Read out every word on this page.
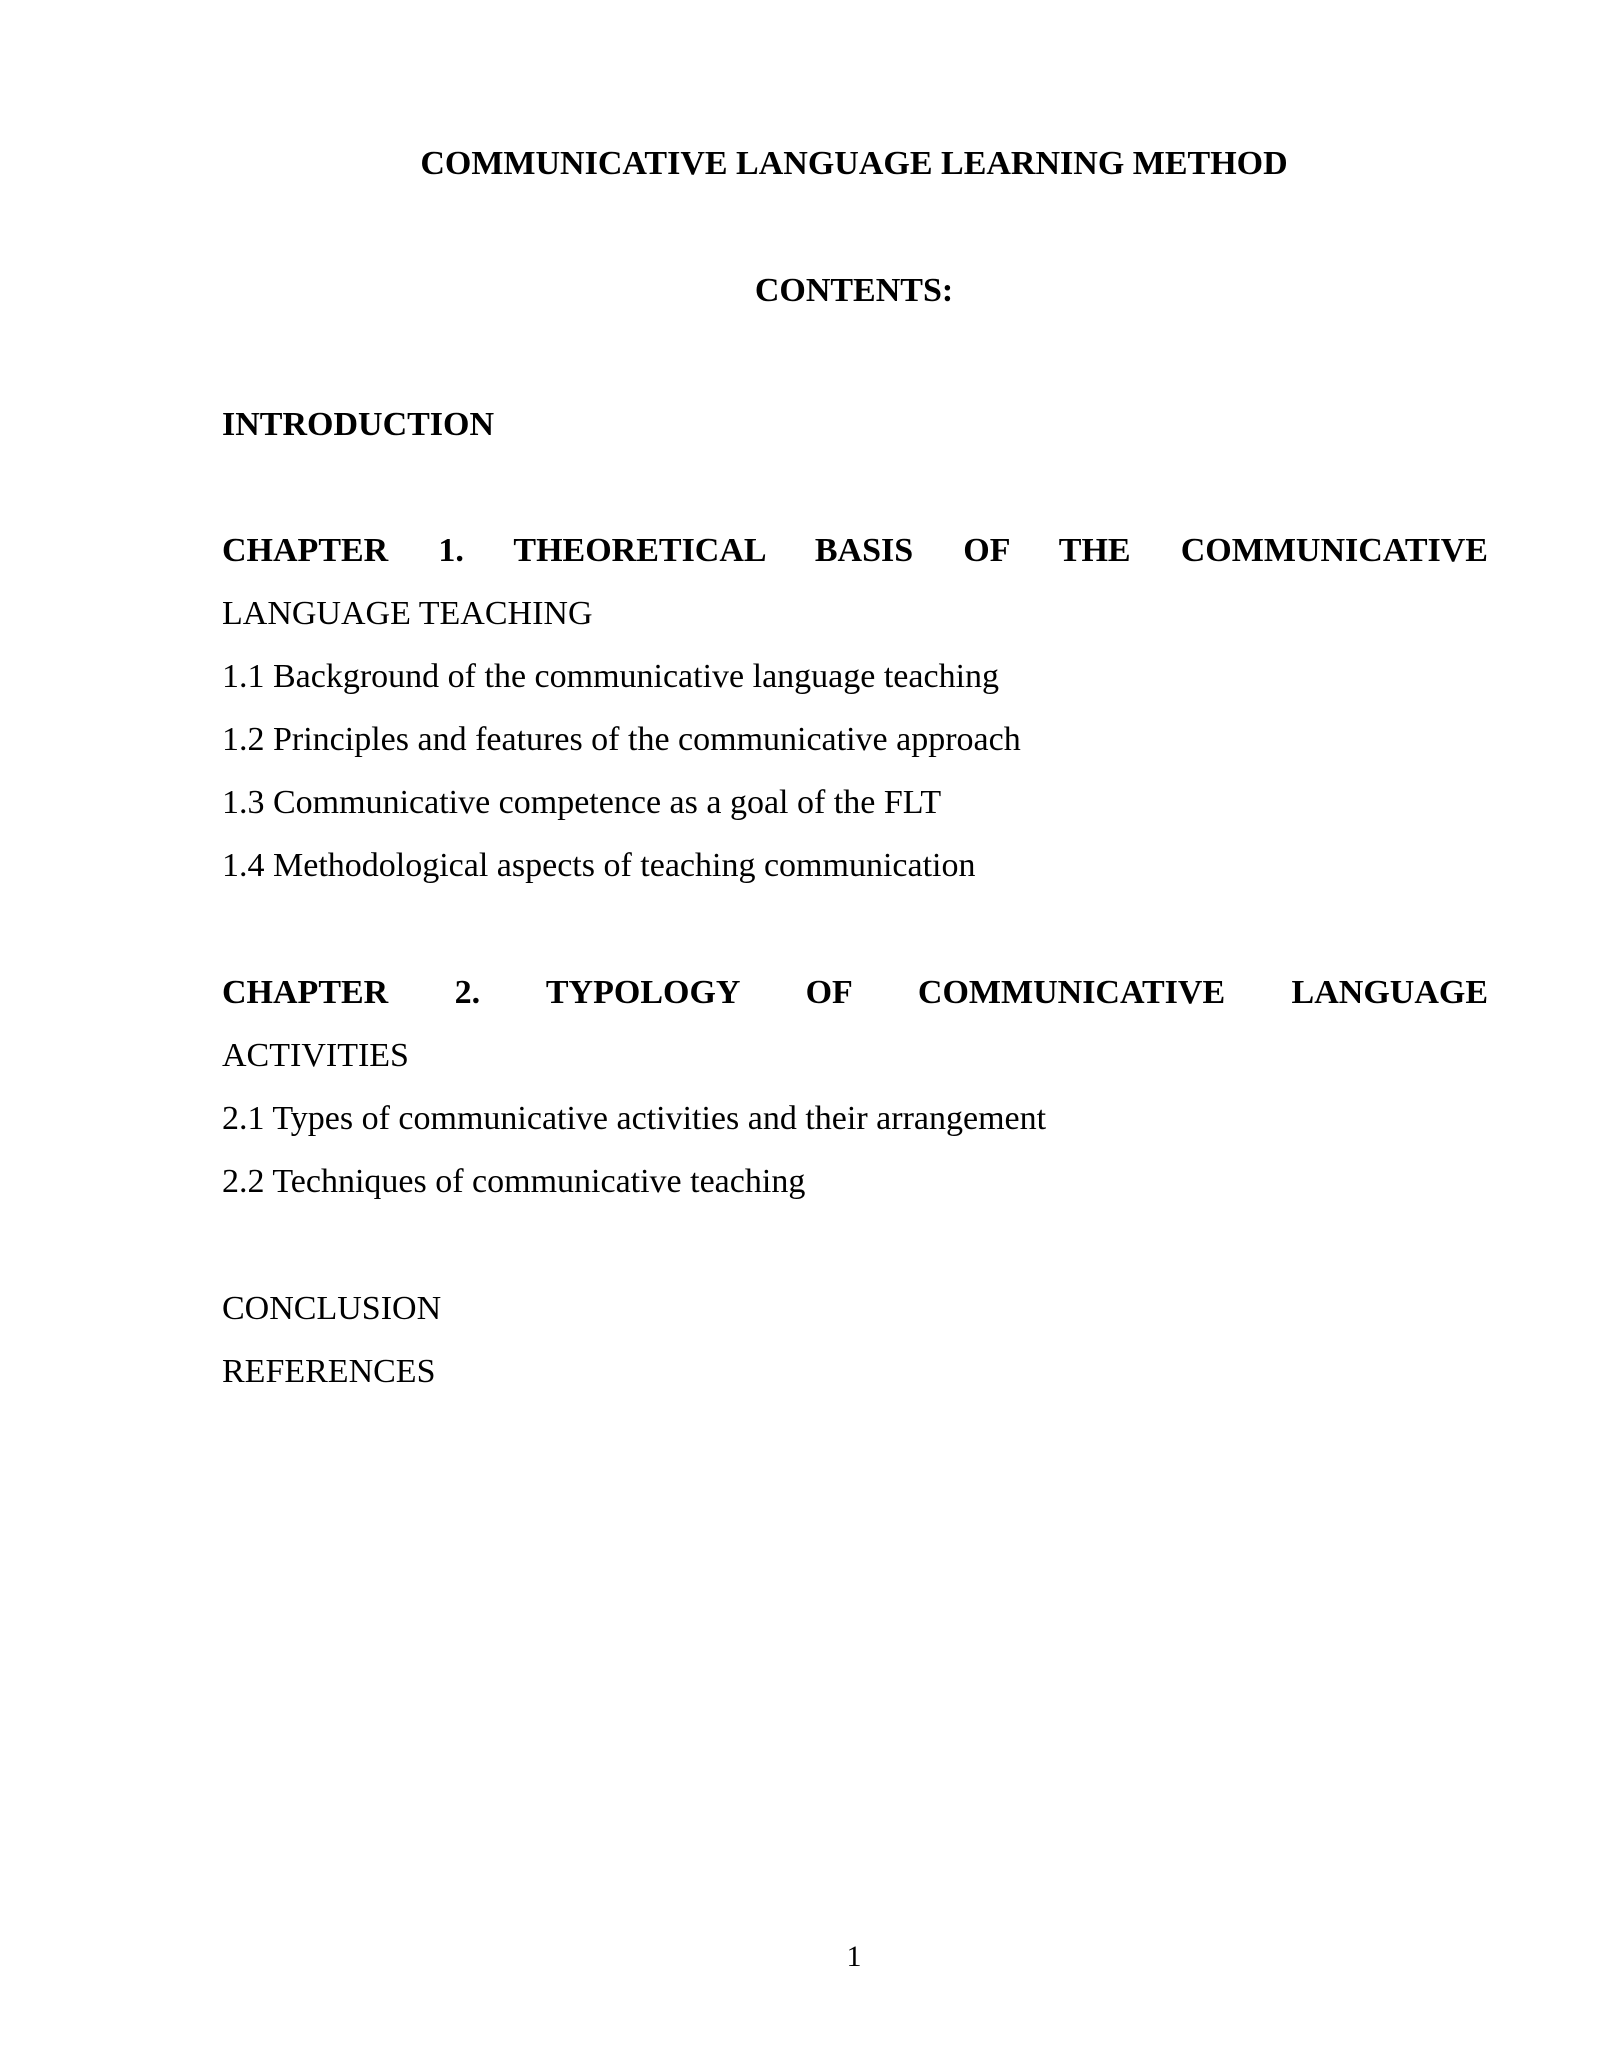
COMMUNICATIVE LANGUAGE LEARNING METHOD
CONTENTS:
INTRODUCTION
CHAPTER 1. THEORETICAL BASIS OF THE COMMUNICATIVE
LANGUAGE TEACHING
1.1 Background of the communicative language teaching
1.2 Principles and features of the communicative approach
1.3 Communicative competence as a goal of the FLT
1.4 Methodological aspects of teaching communication
CHAPTER 2. TYPOLOGY OF COMMUNICATIVE LANGUAGE
ACTIVITIES
2.1 Types of communicative activities and their arrangement
2.2 Techniques of communicative teaching
CONCLUSION
REFERENCES
1
